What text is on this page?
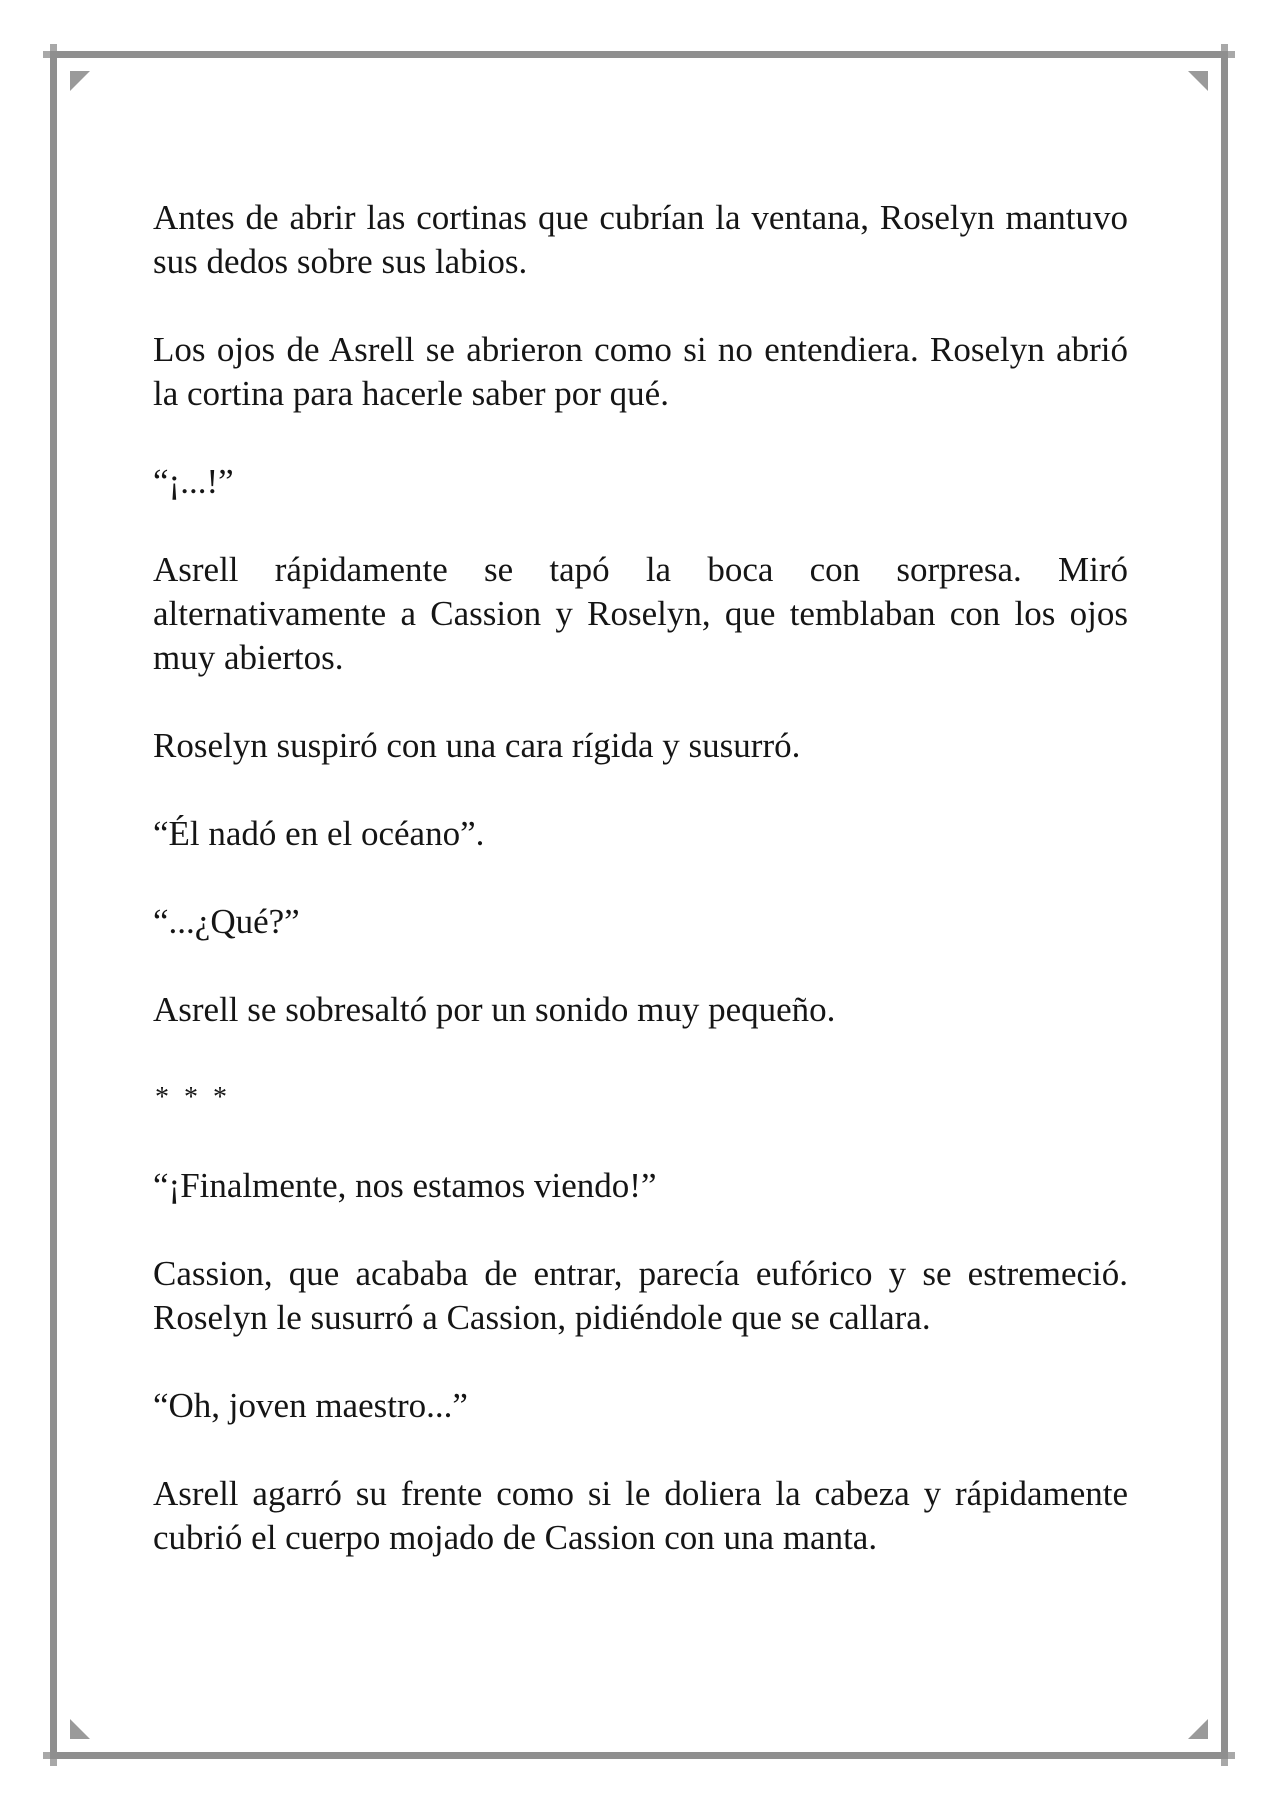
Antes de abrir las cortinas que cubrían la ventana, Roselyn mantuvo sus dedos sobre sus labios.

Los ojos de Asrell se abrieron como si no entendiera. Roselyn abrió la cortina para hacerle saber por qué.

“¡...!”

Asrell rápidamente se tapó la boca con sorpresa. Miró alternativamente a Cassion y Roselyn, que temblaban con los ojos muy abiertos.

Roselyn suspiró con una cara rígida y susurró.

“Él nadó en el océano”.

“...¿Qué?”

Asrell se sobresaltó por un sonido muy pequeño.

* * *

“¡Finalmente, nos estamos viendo!”

Cassion, que acababa de entrar, parecía eufórico y se estremeció. Roselyn le susurró a Cassion, pidiéndole que se callara.

“Oh, joven maestro...”

Asrell agarró su frente como si le doliera la cabeza y rápidamente cubrió el cuerpo mojado de Cassion con una manta.
